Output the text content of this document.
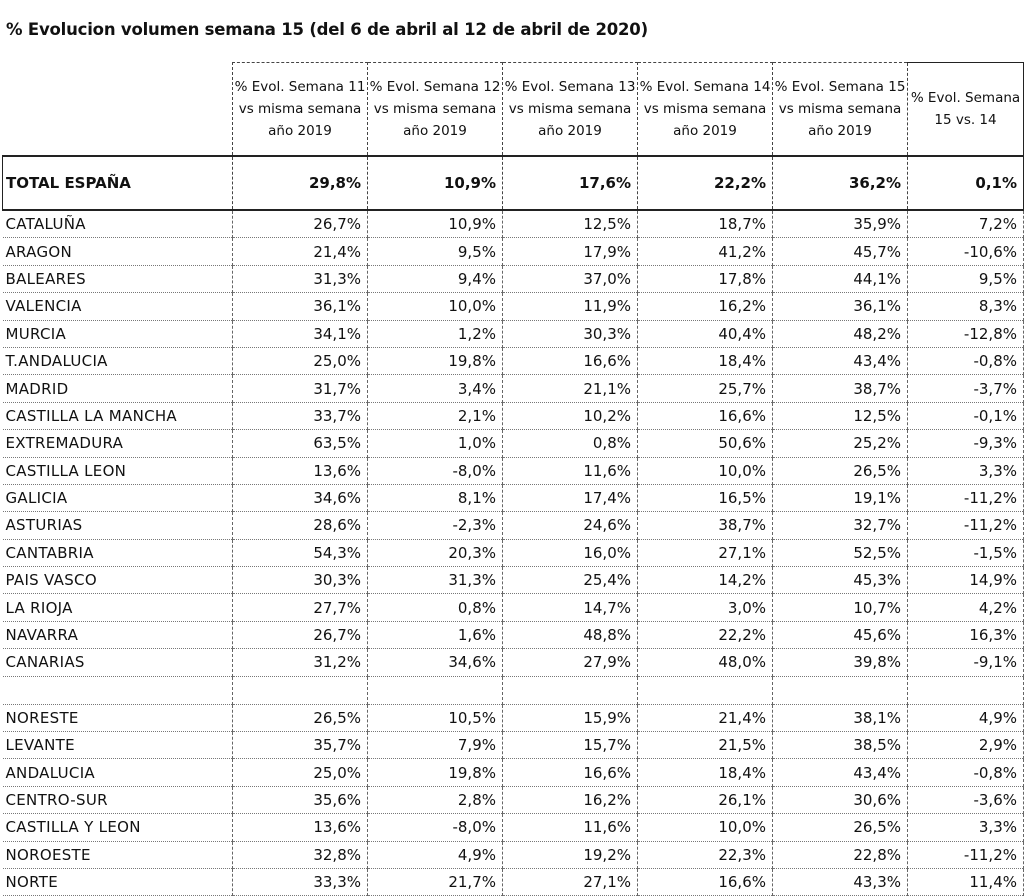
% Evolucion volumen semana 15 (del 6 de abril al 12 de abril de 2020)
	% Evol. Semana 11 vs misma semana año 2019	% Evol. Semana 12 vs misma semana año 2019	% Evol. Semana 13 vs misma semana año 2019	% Evol. Semana 14 vs misma semana año 2019	% Evol. Semana 15 vs misma semana año 2019	% Evol. Semana 15 vs. 14
TOTAL ESPAÑA	29,8%	10,9%	17,6%	22,2%	36,2%	0,1%
CATALUÑA	26,7%	10,9%	12,5%	18,7%	35,9%	7,2%
ARAGON	21,4%	9,5%	17,9%	41,2%	45,7%	-10,6%
BALEARES	31,3%	9,4%	37,0%	17,8%	44,1%	9,5%
VALENCIA	36,1%	10,0%	11,9%	16,2%	36,1%	8,3%
MURCIA	34,1%	1,2%	30,3%	40,4%	48,2%	-12,8%
T.ANDALUCIA	25,0%	19,8%	16,6%	18,4%	43,4%	-0,8%
MADRID	31,7%	3,4%	21,1%	25,7%	38,7%	-3,7%
CASTILLA LA MANCHA	33,7%	2,1%	10,2%	16,6%	12,5%	-0,1%
EXTREMADURA	63,5%	1,0%	0,8%	50,6%	25,2%	-9,3%
CASTILLA LEON	13,6%	-8,0%	11,6%	10,0%	26,5%	3,3%
GALICIA	34,6%	8,1%	17,4%	16,5%	19,1%	-11,2%
ASTURIAS	28,6%	-2,3%	24,6%	38,7%	32,7%	-11,2%
CANTABRIA	54,3%	20,3%	16,0%	27,1%	52,5%	-1,5%
PAIS VASCO	30,3%	31,3%	25,4%	14,2%	45,3%	14,9%
LA RIOJA	27,7%	0,8%	14,7%	3,0%	10,7%	4,2%
NAVARRA	26,7%	1,6%	48,8%	22,2%	45,6%	16,3%
CANARIAS	31,2%	34,6%	27,9%	48,0%	39,8%	-9,1%

NORESTE	26,5%	10,5%	15,9%	21,4%	38,1%	4,9%
LEVANTE	35,7%	7,9%	15,7%	21,5%	38,5%	2,9%
ANDALUCIA	25,0%	19,8%	16,6%	18,4%	43,4%	-0,8%
CENTRO-SUR	35,6%	2,8%	16,2%	26,1%	30,6%	-3,6%
CASTILLA Y LEON	13,6%	-8,0%	11,6%	10,0%	26,5%	3,3%
NOROESTE	32,8%	4,9%	19,2%	22,3%	22,8%	-11,2%
NORTE	33,3%	21,7%	27,1%	16,6%	43,3%	11,4%
